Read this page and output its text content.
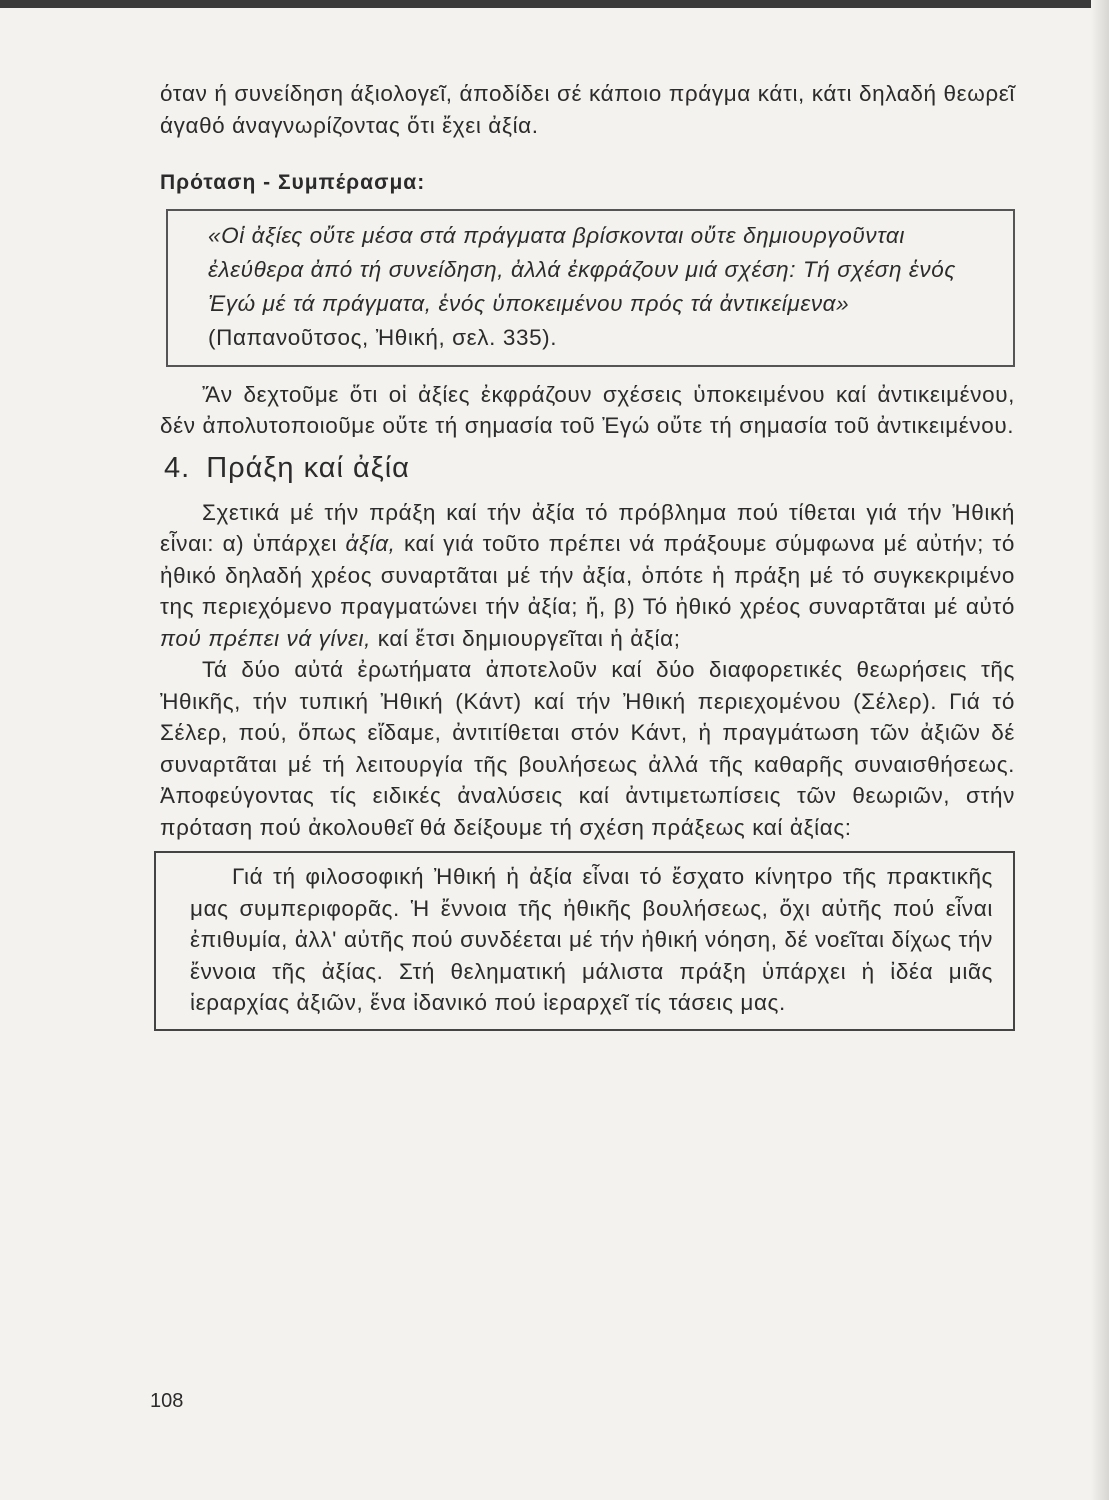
όταν ή συνείδηση άξιολογεῖ, άποδίδει σέ κάποιο πράγμα κάτι, κάτι δηλαδή θεωρεῖ άγαθό άναγνωρίζοντας ὅτι ἔχει ἀξία.

Πρόταση - Συμπέρασμα:

«Οἱ ἀξίες οὔτε μέσα στά πράγματα βρίσκονται οὔτε δημιουργοῦνται ἐλεύθερα ἀπό τή συνείδηση, ἀλλά ἐκφράζουν μιά σχέση: Τή σχέση ἑνός Ἐγώ μέ τά πράγματα, ἑνός ὑποκειμένου πρός τά ἀντικείμενα» (Παπανοῦτσος, Ἠθική, σελ. 335).

Ἄν δεχτοῦμε ὅτι οἱ ἀξίες ἐκφράζουν σχέσεις ὑποκειμένου καί ἀντικειμένου, δέν ἀπολυτοποιοῦμε οὔτε τή σημασία τοῦ Ἐγώ οὔτε τή σημασία τοῦ ἀντικειμένου.

4. Πράξη καί ἀξία

Σχετικά μέ τήν πράξη καί τήν ἀξία τό πρόβλημα πού τίθεται γιά τήν Ἠθική εἶναι: α) ὑπάρχει ἀξία, καί γιά τοῦτο πρέπει νά πράξουμε σύμφωνα μέ αὐτήν; τό ἠθικό δηλαδή χρέος συναρτᾶται μέ τήν ἀξία, ὁπότε ἡ πράξη μέ τό συγκεκριμένο της περιεχόμενο πραγματώνει τήν ἀξία; ἤ, β) Τό ἠθικό χρέος συναρτᾶται μέ αὐτό πού πρέπει νά γίνει, καί ἔτσι δημιουργεῖται ἡ ἀξία;

Τά δύο αὐτά ἐρωτήματα ἀποτελοῦν καί δύο διαφορετικές θεωρήσεις τῆς Ἠθικῆς, τήν τυπική Ἠθική (Κάντ) καί τήν Ἠθική περιεχομένου (Σέλερ). Γιά τό Σέλερ, πού, ὅπως εἴδαμε, ἀντιτίθεται στόν Κάντ, ἡ πραγμάτωση τῶν ἀξιῶν δέ συναρτᾶται μέ τή λειτουργία τῆς βουλήσεως ἀλλά τῆς καθαρῆς συναισθήσεως. Ἀποφεύγοντας τίς ειδικές ἀναλύσεις καί ἀντιμετωπίσεις τῶν θεωριῶν, στήν πρόταση πού ἀκολουθεῖ θά δείξουμε τή σχέση πράξεως καί ἀξίας:

Γιά τή φιλοσοφική Ἠθική ἡ ἀξία εἶναι τό ἔσχατο κίνητρο τῆς πρακτικῆς μας συμπεριφορᾶς. Ἡ ἔννοια τῆς ἠθικῆς βουλήσεως, ὄχι αὐτῆς πού εἶναι ἐπιθυμία, ἀλλ' αὐτῆς πού συνδέεται μέ τήν ἠθική νόηση, δέ νοεῖται δίχως τήν ἔννοια τῆς ἀξίας. Στή θεληματική μάλιστα πράξη ὑπάρχει ἡ ἰδέα μιᾶς ἱεραρχίας ἀξιῶν, ἕνα ἰδανικό πού ἱεραρχεῖ τίς τάσεις μας.
108
